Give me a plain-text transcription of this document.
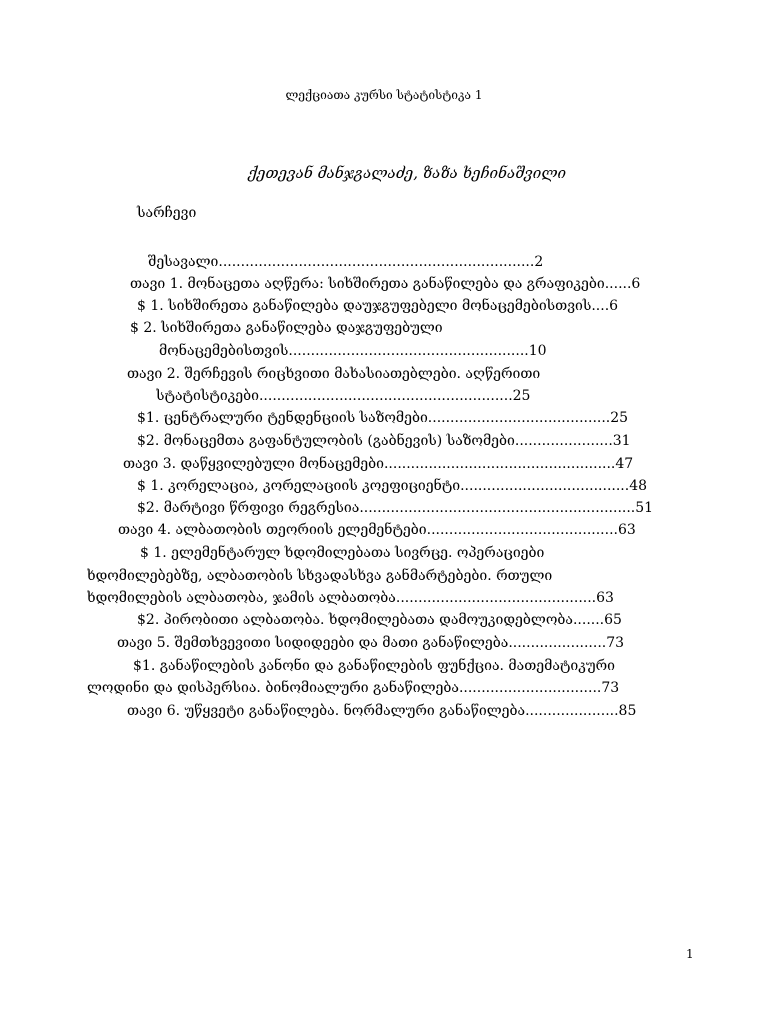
ლექციათა კურსი სტატისტიკა 1
ქეთევან მანჯგალაძე, ზაზა ხეჩინაშვილი
სარჩევი
შესავალი.......................................................................2
თავი 1. მონაცეთა აღწერა: სიხშირეთა განაწილება და გრაფიკები......6
$ 1. სიხშირეთა განაწილება დაუჯგუფებელი მონაცემებისთვის....6
$ 2. სიხშირეთა განაწილება დაჯგუფებული
მონაცემებისთვის......................................................10
თავი 2. შერჩევის რიცხვითი მახასიათებლები. აღწერითი
სტატისტიკები.........................................................25
$1. ცენტრალური ტენდენციის საზომები.........................................25
$2. მონაცემთა გაფანტულობის (გაბნევის) საზომები......................31
თავი 3. დაწყვილებული მონაცემები....................................................47
$ 1. კორელაცია, კორელაციის კოეფიციენტი......................................48
$2. მარტივი წრფივი რეგრესია..............................................................51
თავი 4. ალბათობის თეორიის ელემენტები...........................................63
$ 1. ელემენტარულ ხდომილებათა სივრცე. ოპერაციები
ხდომილებებზე, ალბათობის სხვადასხვა განმარტებები. რთული
ხდომილების ალბათობა, ჯამის ალბათობა.............................................63
$2. პირობითი ალბათობა. ხდომილებათა დამოუკიდებლობა.......65
თავი 5. შემთხვევითი სიდიდეები და მათი განაწილება......................73
$1. განაწილების კანონი და განაწილების ფუნქცია. მათემატიკური
ლოდინი და დისპერსია. ბინომიალური განაწილება................................73
თავი 6. უწყვეტი განაწილება. ნორმალური განაწილება.....................85
1
